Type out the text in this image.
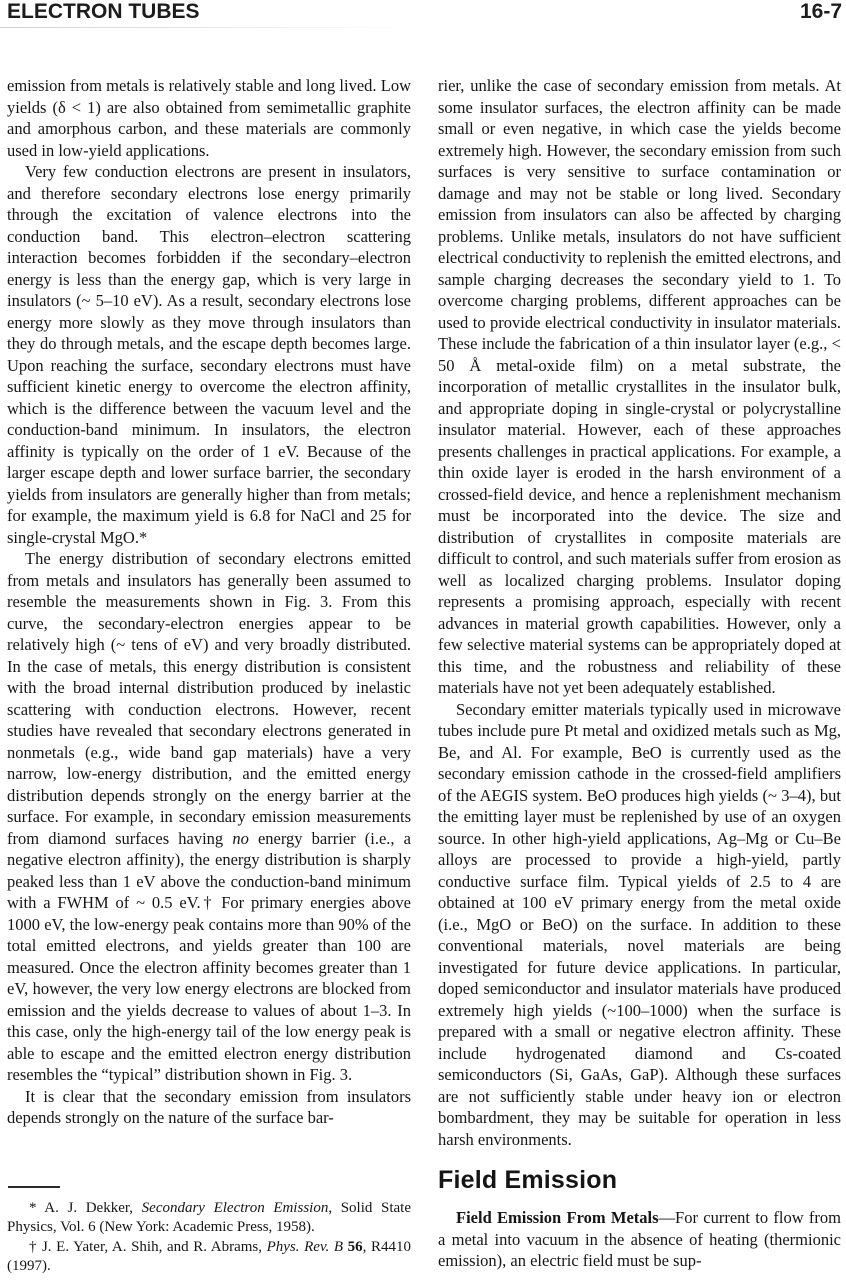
ELECTRON TUBES	16-7

emission from metals is relatively stable and long lived. Low yields (δ < 1) are also obtained from semimetallic graphite and amorphous carbon, and these materials are commonly used in low-yield applications.

Very few conduction electrons are present in insulators, and therefore secondary electrons lose energy primarily through the excitation of valence electrons into the conduction band. This electron–electron scattering interaction becomes forbidden if the secondary–electron energy is less than the energy gap, which is very large in insulators (~ 5–10 eV). As a result, secondary electrons lose energy more slowly as they move through insulators than they do through metals, and the escape depth becomes large. Upon reaching the surface, secondary electrons must have sufficient kinetic energy to overcome the electron affinity, which is the difference between the vacuum level and the conduction-band minimum. In insulators, the electron affinity is typically on the order of 1 eV. Because of the larger escape depth and lower surface barrier, the secondary yields from insulators are generally higher than from metals; for example, the maximum yield is 6.8 for NaCl and 25 for single-crystal MgO.*

The energy distribution of secondary electrons emitted from metals and insulators has generally been assumed to resemble the measurements shown in Fig. 3. From this curve, the secondary-electron energies appear to be relatively high (~ tens of eV) and very broadly distributed. In the case of metals, this energy distribution is consistent with the broad internal distribution produced by inelastic scattering with conduction electrons. However, recent studies have revealed that secondary electrons generated in nonmetals (e.g., wide band gap materials) have a very narrow, low-energy distribution, and the emitted energy distribution depends strongly on the energy barrier at the surface. For example, in secondary emission measurements from diamond surfaces having no energy barrier (i.e., a negative electron affinity), the energy distribution is sharply peaked less than 1 eV above the conduction-band minimum with a FWHM of ~ 0.5 eV.† For primary energies above 1000 eV, the low-energy peak contains more than 90% of the total emitted electrons, and yields greater than 100 are measured. Once the electron affinity becomes greater than 1 eV, however, the very low energy electrons are blocked from emission and the yields decrease to values of about 1–3. In this case, only the high-energy tail of the low energy peak is able to escape and the emitted electron energy distribution resembles the “typical” distribution shown in Fig. 3.

It is clear that the secondary emission from insulators depends strongly on the nature of the surface bar-

* A. J. Dekker, Secondary Electron Emission, Solid State Physics, Vol. 6 (New York: Academic Press, 1958).

† J. E. Yater, A. Shih, and R. Abrams, Phys. Rev. B 56, R4410 (1997).

rier, unlike the case of secondary emission from metals. At some insulator surfaces, the electron affinity can be made small or even negative, in which case the yields become extremely high. However, the secondary emission from such surfaces is very sensitive to surface contamination or damage and may not be stable or long lived. Secondary emission from insulators can also be affected by charging problems. Unlike metals, insulators do not have sufficient electrical conductivity to replenish the emitted electrons, and sample charging decreases the secondary yield to 1. To overcome charging problems, different approaches can be used to provide electrical conductivity in insulator materials. These include the fabrication of a thin insulator layer (e.g., < 50 Å metal-oxide film) on a metal substrate, the incorporation of metallic crystallites in the insulator bulk, and appropriate doping in single-crystal or polycrystalline insulator material. However, each of these approaches presents challenges in practical applications. For example, a thin oxide layer is eroded in the harsh environment of a crossed-field device, and hence a replenishment mechanism must be incorporated into the device. The size and distribution of crystallites in composite materials are difficult to control, and such materials suffer from erosion as well as localized charging problems. Insulator doping represents a promising approach, especially with recent advances in material growth capabilities. However, only a few selective material systems can be appropriately doped at this time, and the robustness and reliability of these materials have not yet been adequately established.

Secondary emitter materials typically used in microwave tubes include pure Pt metal and oxidized metals such as Mg, Be, and Al. For example, BeO is currently used as the secondary emission cathode in the crossed-field amplifiers of the AEGIS system. BeO produces high yields (~ 3–4), but the emitting layer must be replenished by use of an oxygen source. In other high-yield applications, Ag–Mg or Cu–Be alloys are processed to provide a high-yield, partly conductive surface film. Typical yields of 2.5 to 4 are obtained at 100 eV primary energy from the metal oxide (i.e., MgO or BeO) on the surface. In addition to these conventional materials, novel materials are being investigated for future device applications. In particular, doped semiconductor and insulator materials have produced extremely high yields (~100–1000) when the surface is prepared with a small or negative electron affinity. These include hydrogenated diamond and Cs-coated semiconductors (Si, GaAs, GaP). Although these surfaces are not sufficiently stable under heavy ion or electron bombardment, they may be suitable for operation in less harsh environments.

Field Emission

Field Emission From Metals—For current to flow from a metal into vacuum in the absence of heating (thermionic emission), an electric field must be sup-
